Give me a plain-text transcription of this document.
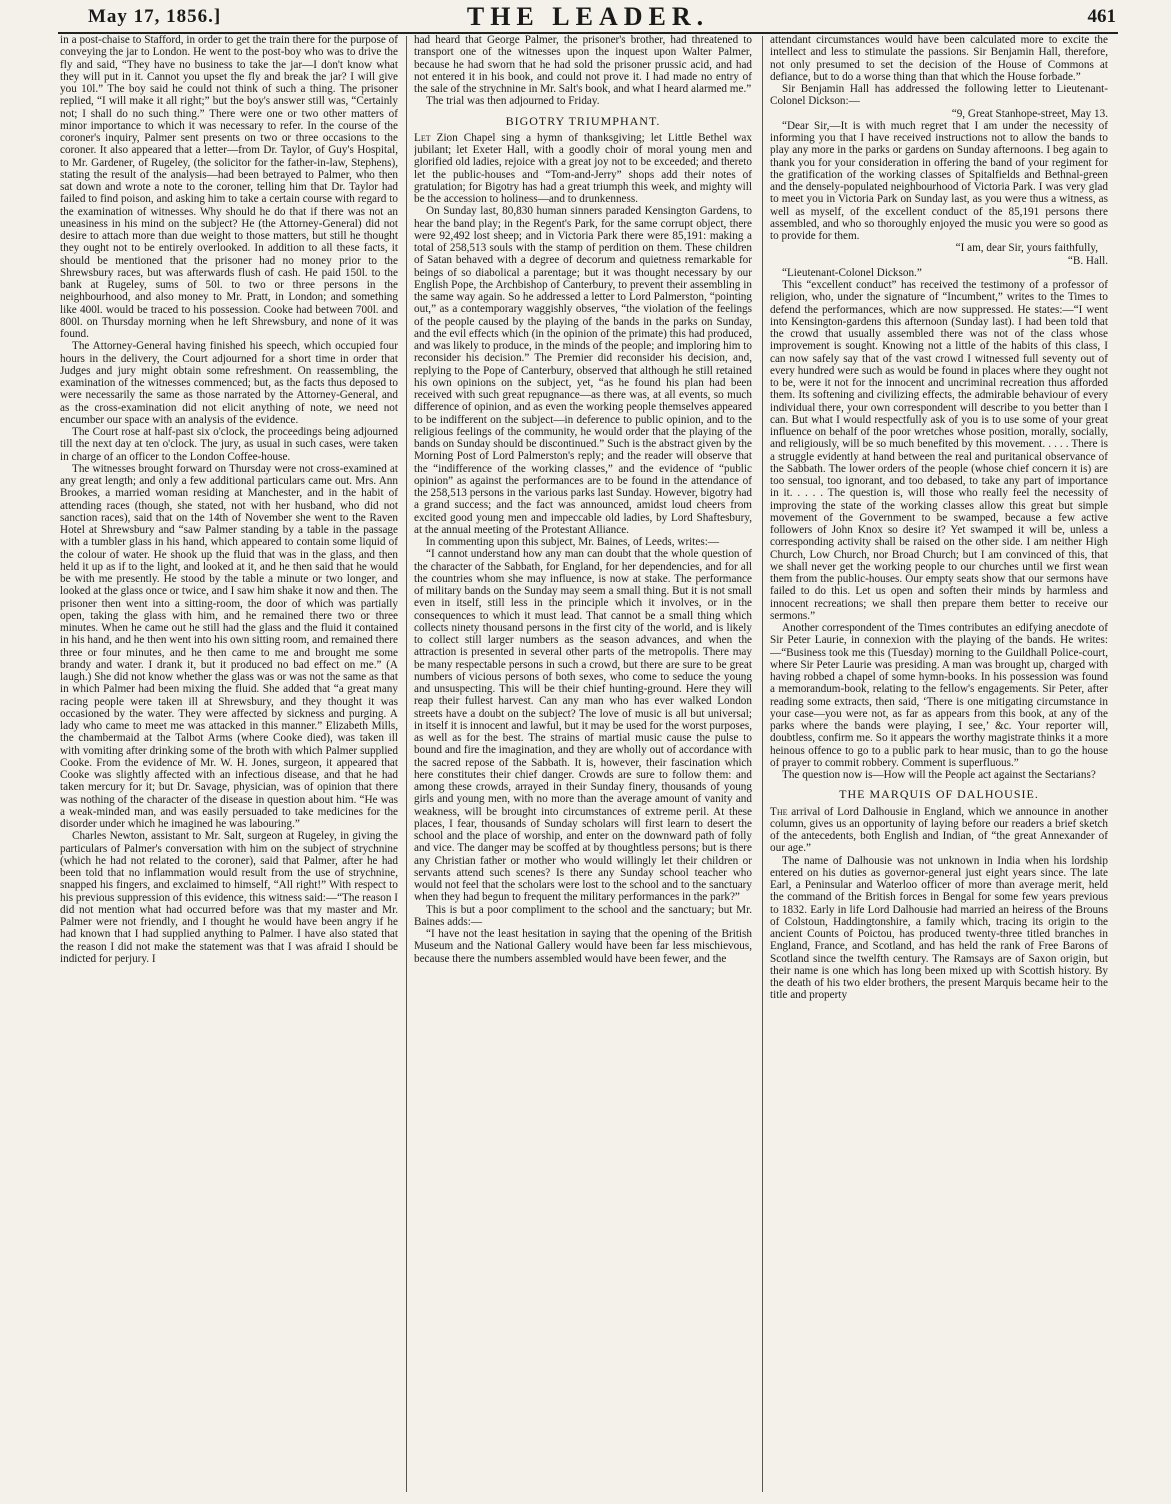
May 17, 1856.]	THE LEADER.	461

in a post-chaise to Stafford, in order to get the train there for the purpose of conveying the jar to London. He went to the post-boy who was to drive the fly and said, “They have no business to take the jar—I don't know what they will put in it. Cannot you upset the fly and break the jar? I will give you 10l.” The boy said he could not think of such a thing. The prisoner replied, “I will make it all right;” but the boy's answer still was, “Certainly not; I shall do no such thing.” There were one or two other matters of minor importance to which it was necessary to refer. In the course of the coroner's inquiry, Palmer sent presents on two or three occasions to the coroner. It also appeared that a letter—from Dr. Taylor, of Guy's Hospital, to Mr. Gardener, of Rugeley, (the solicitor for the father-in-law, Stephens), stating the result of the analysis—had been betrayed to Palmer, who then sat down and wrote a note to the coroner, telling him that Dr. Taylor had failed to find poison, and asking him to take a certain course with regard to the examination of witnesses. Why should he do that if there was not an uneasiness in his mind on the subject? He (the Attorney-General) did not desire to attach more than due weight to those matters, but still he thought they ought not to be entirely overlooked. In addition to all these facts, it should be mentioned that the prisoner had no money prior to the Shrewsbury races, but was afterwards flush of cash. He paid 150l. to the bank at Rugeley, sums of 50l. to two or three persons in the neighbourhood, and also money to Mr. Pratt, in London; and something like 400l. would be traced to his possession. Cooke had between 700l. and 800l. on Thursday morning when he left Shrewsbury, and none of it was found.

The Attorney-General having finished his speech, which occupied four hours in the delivery, the Court adjourned for a short time in order that Judges and jury might obtain some refreshment. On reassembling, the examination of the witnesses commenced; but, as the facts thus deposed to were necessarily the same as those narrated by the Attorney-General, and as the cross-examination did not elicit anything of note, we need not encumber our space with an analysis of the evidence.

The Court rose at half-past six o'clock, the proceedings being adjourned till the next day at ten o'clock. The jury, as usual in such cases, were taken in charge of an officer to the London Coffee-house.

The witnesses brought forward on Thursday were not cross-examined at any great length; and only a few additional particulars came out. Mrs. Ann Brookes, a married woman residing at Manchester, and in the habit of attending races (though, she stated, not with her husband, who did not sanction races), said that on the 14th of November she went to the Raven Hotel at Shrewsbury and “saw Palmer standing by a table in the passage with a tumbler glass in his hand, which appeared to contain some liquid of the colour of water. He shook up the fluid that was in the glass, and then held it up as if to the light, and looked at it, and he then said that he would be with me presently. He stood by the table a minute or two longer, and looked at the glass once or twice, and I saw him shake it now and then. The prisoner then went into a sitting-room, the door of which was partially open, taking the glass with him, and he remained there two or three minutes. When he came out he still had the glass and the fluid it contained in his hand, and he then went into his own sitting room, and remained there three or four minutes, and he then came to me and brought me some brandy and water. I drank it, but it produced no bad effect on me.” (A laugh.) She did not know whether the glass was or was not the same as that in which Palmer had been mixing the fluid. She added that “a great many racing people were taken ill at Shrewsbury, and they thought it was occasioned by the water. They were affected by sickness and purging. A lady who came to meet me was attacked in this manner.” Elizabeth Mills, the chambermaid at the Talbot Arms (where Cooke died), was taken ill with vomiting after drinking some of the broth with which Palmer supplied Cooke. From the evidence of Mr. W. H. Jones, surgeon, it appeared that Cooke was slightly affected with an infectious disease, and that he had taken mercury for it; but Dr. Savage, physician, was of opinion that there was nothing of the character of the disease in question about him. “He was a weak-minded man, and was easily persuaded to take medicines for the disorder under which he imagined he was labouring.”

Charles Newton, assistant to Mr. Salt, surgeon at Rugeley, in giving the particulars of Palmer's conversation with him on the subject of strychnine (which he had not related to the coroner), said that Palmer, after he had been told that no inflammation would result from the use of strychnine, snapped his fingers, and exclaimed to himself, “All right!” With respect to his previous suppression of this evidence, this witness said:—“The reason I did not mention what had occurred before was that my master and Mr. Palmer were not friendly, and I thought he would have been angry if he had known that I had supplied anything to Palmer. I have also stated that the reason I did not make the statement was that I was afraid I should be indicted for perjury. I

had heard that George Palmer, the prisoner's brother, had threatened to transport one of the witnesses upon the inquest upon Walter Palmer, because he had sworn that he had sold the prisoner prussic acid, and had not entered it in his book, and could not prove it. I had made no entry of the sale of the strychnine in Mr. Salt's book, and what I heard alarmed me.”

The trial was then adjourned to Friday.

BIGOTRY TRIUMPHANT.

Let Zion Chapel sing a hymn of thanksgiving; let Little Bethel wax jubilant; let Exeter Hall, with a goodly choir of moral young men and glorified old ladies, rejoice with a great joy not to be exceeded; and thereto let the public-houses and “Tom-and-Jerry” shops add their notes of gratulation; for Bigotry has had a great triumph this week, and mighty will be the accession to holiness—and to drunkenness.

On Sunday last, 80,830 human sinners paraded Kensington Gardens, to hear the band play; in the Regent's Park, for the same corrupt object, there were 92,492 lost sheep; and in Victoria Park there were 85,191: making a total of 258,513 souls with the stamp of perdition on them. These children of Satan behaved with a degree of decorum and quietness remarkable for beings of so diabolical a parentage; but it was thought necessary by our English Pope, the Archbishop of Canterbury, to prevent their assembling in the same way again. So he addressed a letter to Lord Palmerston, “pointing out,” as a contemporary waggishly observes, “the violation of the feelings of the people caused by the playing of the bands in the parks on Sunday, and the evil effects which (in the opinion of the primate) this had produced, and was likely to produce, in the minds of the people; and imploring him to reconsider his decision.” The Premier did reconsider his decision, and, replying to the Pope of Canterbury, observed that although he still retained his own opinions on the subject, yet, “as he found his plan had been received with such great repugnance—as there was, at all events, so much difference of opinion, and as even the working people themselves appeared to be indifferent on the subject—in deference to public opinion, and to the religious feelings of the community, he would order that the playing of the bands on Sunday should be discontinued.” Such is the abstract given by the Morning Post of Lord Palmerston's reply; and the reader will observe that the “indifference of the working classes,” and the evidence of “public opinion” as against the performances are to be found in the attendance of the 258,513 persons in the various parks last Sunday. However, bigotry had a grand success; and the fact was announced, amidst loud cheers from excited good young men and impeccable old ladies, by Lord Shaftesbury, at the annual meeting of the Protestant Alliance.

In commenting upon this subject, Mr. Baines, of Leeds, writes:—

“I cannot understand how any man can doubt that the whole question of the character of the Sabbath, for England, for her dependencies, and for all the countries whom she may influence, is now at stake. The performance of military bands on the Sunday may seem a small thing. But it is not small even in itself, still less in the principle which it involves, or in the consequences to which it must lead. That cannot be a small thing which collects ninety thousand persons in the first city of the world, and is likely to collect still larger numbers as the season advances, and when the attraction is presented in several other parts of the metropolis. There may be many respectable persons in such a crowd, but there are sure to be great numbers of vicious persons of both sexes, who come to seduce the young and unsuspecting. This will be their chief hunting-ground. Here they will reap their fullest harvest. Can any man who has ever walked London streets have a doubt on the subject? The love of music is all but universal; in itself it is innocent and lawful, but it may be used for the worst purposes, as well as for the best. The strains of martial music cause the pulse to bound and fire the imagination, and they are wholly out of accordance with the sacred repose of the Sabbath. It is, however, their fascination which here constitutes their chief danger. Crowds are sure to follow them: and among these crowds, arrayed in their Sunday finery, thousands of young girls and young men, with no more than the average amount of vanity and weakness, will be brought into circumstances of extreme peril. At these places, I fear, thousands of Sunday scholars will first learn to desert the school and the place of worship, and enter on the downward path of folly and vice. The danger may be scoffed at by thoughtless persons; but is there any Christian father or mother who would willingly let their children or servants attend such scenes? Is there any Sunday school teacher who would not feel that the scholars were lost to the school and to the sanctuary when they had begun to frequent the military performances in the park?”

This is but a poor compliment to the school and the sanctuary; but Mr. Baines adds:—

“I have not the least hesitation in saying that the opening of the British Museum and the National Gallery would have been far less mischievous, because there the numbers assembled would have been fewer, and the

attendant circumstances would have been calculated more to excite the intellect and less to stimulate the passions. Sir Benjamin Hall, therefore, not only presumed to set the decision of the House of Commons at defiance, but to do a worse thing than that which the House forbade.”

Sir Benjamin Hall has addressed the following letter to Lieutenant-Colonel Dickson:—

“9, Great Stanhope-street, May 13.

“Dear Sir,—It is with much regret that I am under the necessity of informing you that I have received instructions not to allow the bands to play any more in the parks or gardens on Sunday afternoons. I beg again to thank you for your consideration in offering the band of your regiment for the gratification of the working classes of Spitalfields and Bethnal-green and the densely-populated neighbourhood of Victoria Park. I was very glad to meet you in Victoria Park on Sunday last, as you were thus a witness, as well as myself, of the excellent conduct of the 85,191 persons there assembled, and who so thoroughly enjoyed the music you were so good as to provide for them.

“I am, dear Sir, yours faithfully,

“B. Hall.

“Lieutenant-Colonel Dickson.”

This “excellent conduct” has received the testimony of a professor of religion, who, under the signature of “Incumbent,” writes to the Times to defend the performances, which are now suppressed. He states:—“I went into Kensington-gardens this afternoon (Sunday last). I had been told that the crowd that usually assembled there was not of the class whose improvement is sought. Knowing not a little of the habits of this class, I can now safely say that of the vast crowd I witnessed full seventy out of every hundred were such as would be found in places where they ought not to be, were it not for the innocent and uncriminal recreation thus afforded them. Its softening and civilizing effects, the admirable behaviour of every individual there, your own correspondent will describe to you better than I can. But what I would respectfully ask of you is to use some of your great influence on behalf of the poor wretches whose position, morally, socially, and religiously, will be so much benefited by this movement. . . . . There is a struggle evidently at hand between the real and puritanical observance of the Sabbath. The lower orders of the people (whose chief concern it is) are too sensual, too ignorant, and too debased, to take any part of importance in it. . . . . The question is, will those who really feel the necessity of improving the state of the working classes allow this great but simple movement of the Government to be swamped, because a few active followers of John Knox so desire it? Yet swamped it will be, unless a corresponding activity shall be raised on the other side. I am neither High Church, Low Church, nor Broad Church; but I am convinced of this, that we shall never get the working people to our churches until we first wean them from the public-houses. Our empty seats show that our sermons have failed to do this. Let us open and soften their minds by harmless and innocent recreations; we shall then prepare them better to receive our sermons.”

Another correspondent of the Times contributes an edifying anecdote of Sir Peter Laurie, in connexion with the playing of the bands. He writes:—“Business took me this (Tuesday) morning to the Guildhall Police-court, where Sir Peter Laurie was presiding. A man was brought up, charged with having robbed a chapel of some hymn-books. In his possession was found a memorandum-book, relating to the fellow's engagements. Sir Peter, after reading some extracts, then said, ‘There is one mitigating circumstance in your case—you were not, as far as appears from this book, at any of the parks where the bands were playing, I see,’ &c. Your reporter will, doubtless, confirm me. So it appears the worthy magistrate thinks it a more heinous offence to go to a public park to hear music, than to go the house of prayer to commit robbery. Comment is superfluous.”

The question now is—How will the People act against the Sectarians?

THE MARQUIS OF DALHOUSIE.

The arrival of Lord Dalhousie in England, which we announce in another column, gives us an opportunity of laying before our readers a brief sketch of the antecedents, both English and Indian, of “the great Annexander of our age.”

The name of Dalhousie was not unknown in India when his lordship entered on his duties as governor-general just eight years since. The late Earl, a Peninsular and Waterloo officer of more than average merit, held the command of the British forces in Bengal for some few years previous to 1832. Early in life Lord Dalhousie had married an heiress of the Brouns of Colstoun, Haddingtonshire, a family which, tracing its origin to the ancient Counts of Poictou, has produced twenty-three titled branches in England, France, and Scotland, and has held the rank of Free Barons of Scotland since the twelfth century. The Ramsays are of Saxon origin, but their name is one which has long been mixed up with Scottish history. By the death of his two elder brothers, the present Marquis became heir to the title and property
